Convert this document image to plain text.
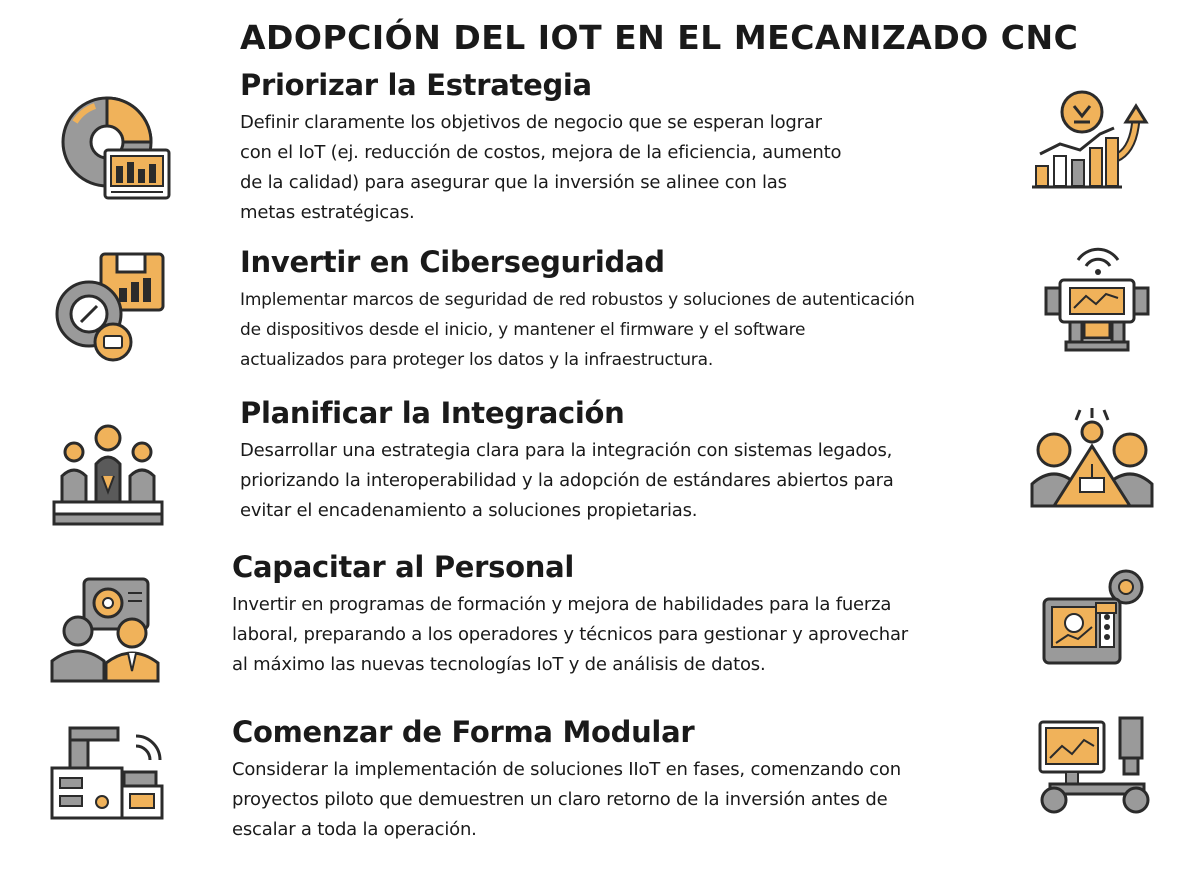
ADOPCIÓN DEL IOT EN EL MECANIZADO CNC
Priorizar la Estrategia

Definir claramente los objetivos de negocio que se esperan lograr
con el IoT (ej. reducción de costos, mejora de la eficiencia, aumento
de la calidad) para asegurar que la inversión se alinee con las
metas estratégicas.

Invertir en Ciberseguridad

Implementar marcos de seguridad de red robustos y soluciones de autenticación
de dispositivos desde el inicio, y mantener el firmware y el software
actualizados para proteger los datos y la infraestructura.

Planificar la Integración

Desarrollar una estrategia clara para la integración con sistemas legados,
priorizando la interoperabilidad y la adopción de estándares abiertos para
evitar el encadenamiento a soluciones propietarias.

Capacitar al Personal

Invertir en programas de formación y mejora de habilidades para la fuerza
laboral, preparando a los operadores y técnicos para gestionar y aprovechar
al máximo las nuevas tecnologías IoT y de análisis de datos.

Comenzar de Forma Modular

Considerar la implementación de soluciones IIoT en fases, comenzando con
proyectos piloto que demuestren un claro retorno de la inversión antes de
escalar a toda la operación.
